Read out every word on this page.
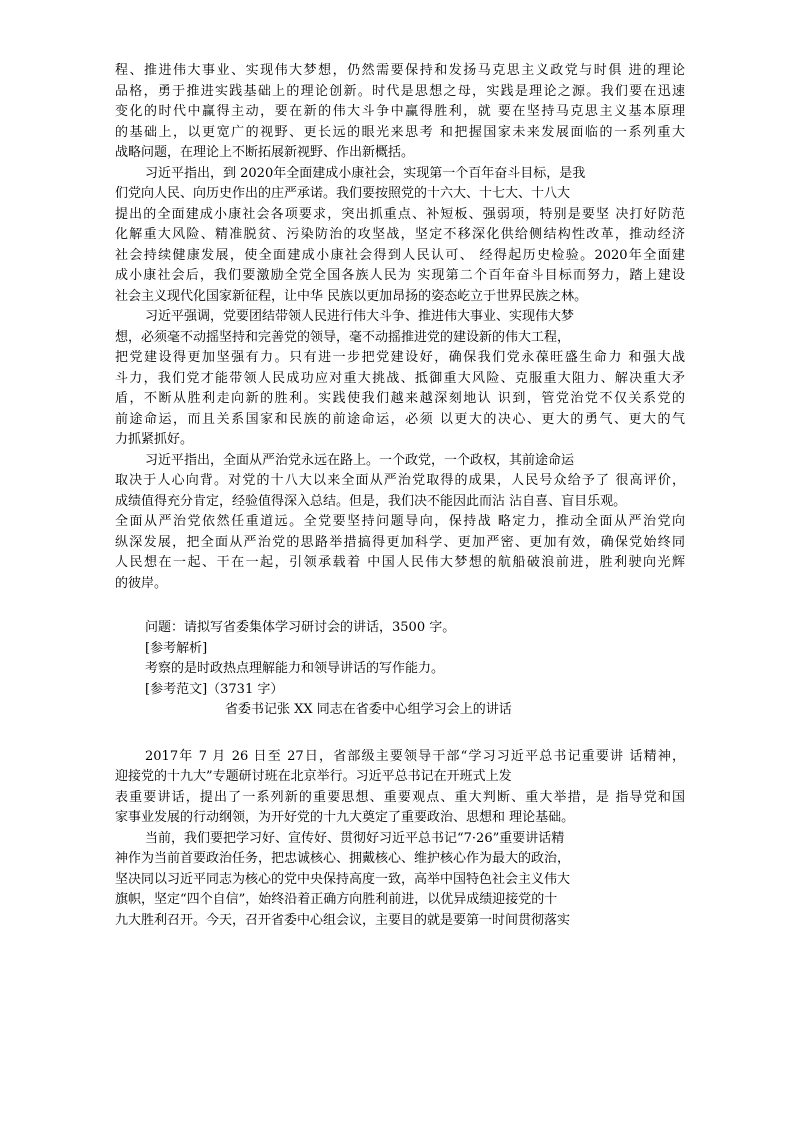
程、推进伟大事业、实现伟大梦想，仍然需要保持和发扬马克思主义政党与时俱 进的理论
品格，勇于推进实践基础上的理论创新。时代是思想之母，实践是理论之源。我们要在迅速
变化的时代中赢得主动，要在新的伟大斗争中赢得胜利，就 要在坚持马克思主义基本原理
的基础上，以更宽广的视野、更长远的眼光来思考 和把握国家未来发展面临的一系列重大
战略问题，在理论上不断拓展新视野、作出新概括。
习近平指出，到 2020年全面建成小康社会，实现第一个百年奋斗目标，是我
们党向人民、向历史作出的庄严承诺。我们要按照党的十六大、十七大、十八大
提出的全面建成小康社会各项要求，突出抓重点、补短板、强弱项，特别是要坚 决打好防范
化解重大风险、精准脱贫、污染防治的攻坚战，坚定不移深化供给侧结构性改革，推动经济
社会持续健康发展，使全面建成小康社会得到人民认可、 经得起历史检验。2020年全面建
成小康社会后，我们要激励全党全国各族人民为 实现第二个百年奋斗目标而努力，踏上建设
社会主义现代化国家新征程，让中华 民族以更加昂扬的姿态屹立于世界民族之林。
习近平强调，党要团结带领人民进行伟大斗争、推进伟大事业、实现伟大梦
想，必须毫不动摇坚持和完善党的领导，毫不动摇推进党的建设新的伟大工程，
把党建设得更加坚强有力。只有进一步把党建设好，确保我们党永葆旺盛生命力 和强大战
斗力，我们党才能带领人民成功应对重大挑战、抵御重大风险、克服重大阻力、解决重大矛
盾，不断从胜利走向新的胜利。实践使我们越来越深刻地认 识到，管党治党不仅关系党的
前途命运，而且关系国家和民族的前途命运，必须 以更大的决心、更大的勇气、更大的气
力抓紧抓好。
习近平指出，全面从严治党永远在路上。一个政党，一个政权，其前途命运
取决于人心向背。对党的十八大以来全面从严治党取得的成果，人民号众给予了 很高评价，
成绩值得充分肯定，经验值得深入总结。但是，我们决不能因此而沾 沾自喜、盲目乐观。
全面从严治党依然任重道远。全党要坚持问题导向，保持战 略定力，推动全面从严治党向
纵深发展，把全面从严治党的思路举措搞得更加科学、更加严密、更加有效，确保党始终同
人民想在一起、干在一起，引领承载着 中国人民伟大梦想的航船破浪前进，胜利驶向光辉
的彼岸。
问题：请拟写省委集体学习研讨会的讲话，3500 字。
[参考解析]
考察的是时政热点理解能力和领导讲话的写作能力。
[参考范文]（3731 字）
省委书记张 XX 同志在省委中心组学习会上的讲话
2017年 7 月 26 日至 27日，省部级主要领导干部“学习习近平总书记重要讲 话精神，
迎接党的十九大”专题研讨班在北京举行。习近平总书记在开班式上发
表重要讲话，提出了一系列新的重要思想、重要观点、重大判断、重大举措，是 指导党和国
家事业发展的行动纲领，为开好党的十九大奠定了重要政治、思想和 理论基础。
当前，我们要把学习好、宣传好、贯彻好习近平总书记“7·26”重要讲话精
神作为当前首要政治任务，把忠诚核心、拥戴核心、维护核心作为最大的政治，
坚决同以习近平同志为核心的党中央保持高度一致，高举中国特色社会主义伟大
旗帜，坚定“四个自信”，始终沿着正确方向胜利前进，以优异成绩迎接党的十
九大胜利召开。今天，召开省委中心组会议，主要目的就是要第一时间贯彻落实
